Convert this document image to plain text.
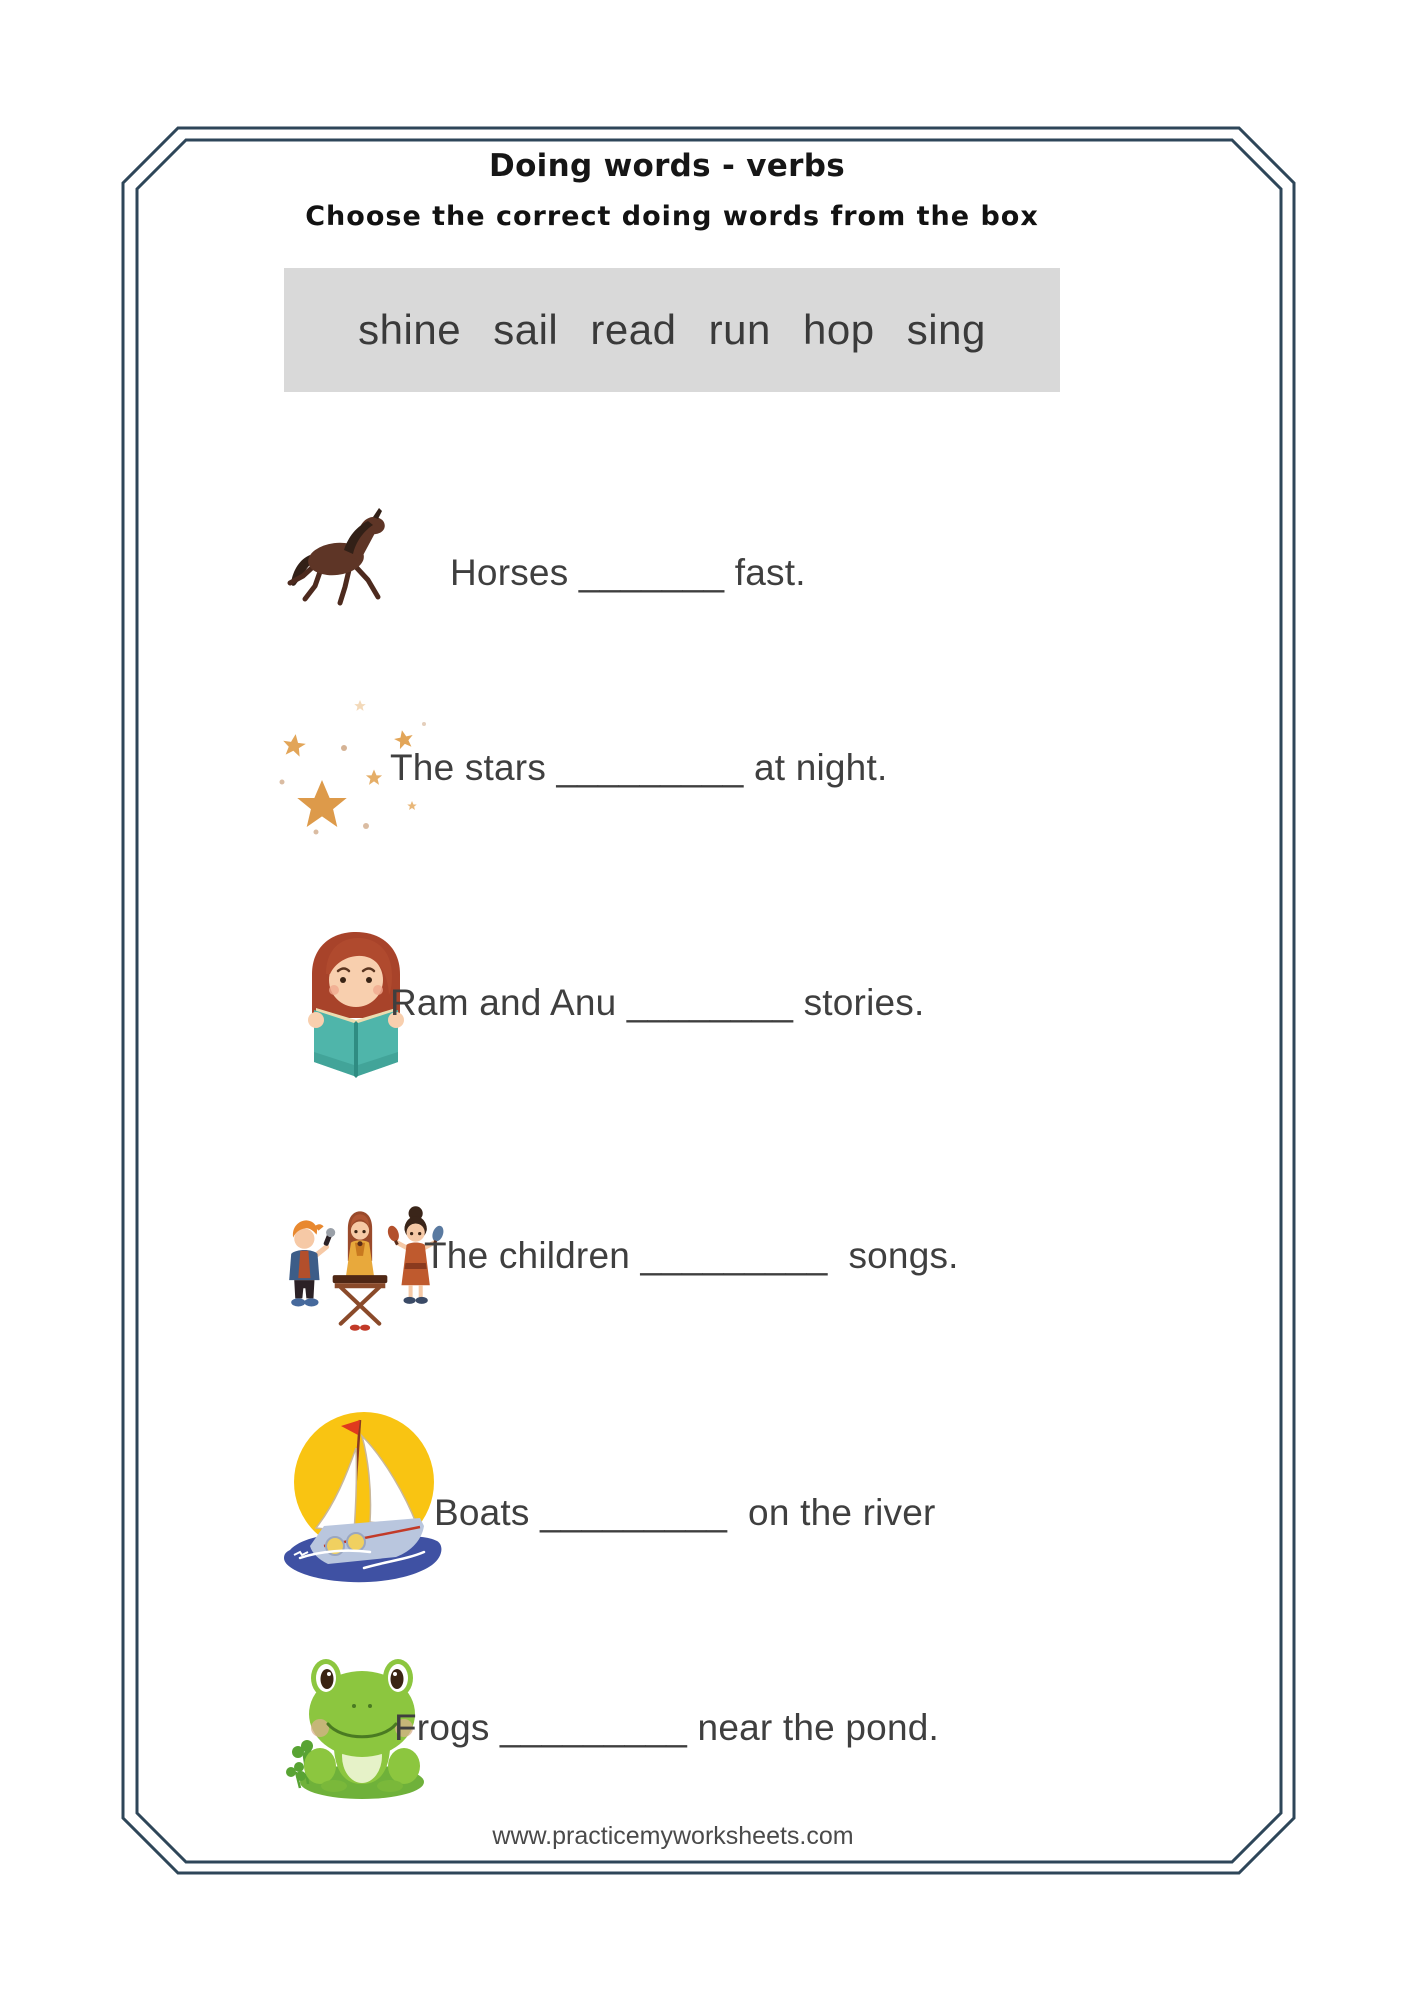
Doing words - verbs
Choose the correct doing words from the box
shine sail read run hop sing
Horses _______ fast.
The stars _________ at night.
Ram and Anu ________ stories.
The children _________  songs.
Boats _________  on the river
Frogs _________ near the pond.
www.practicemyworksheets.com
